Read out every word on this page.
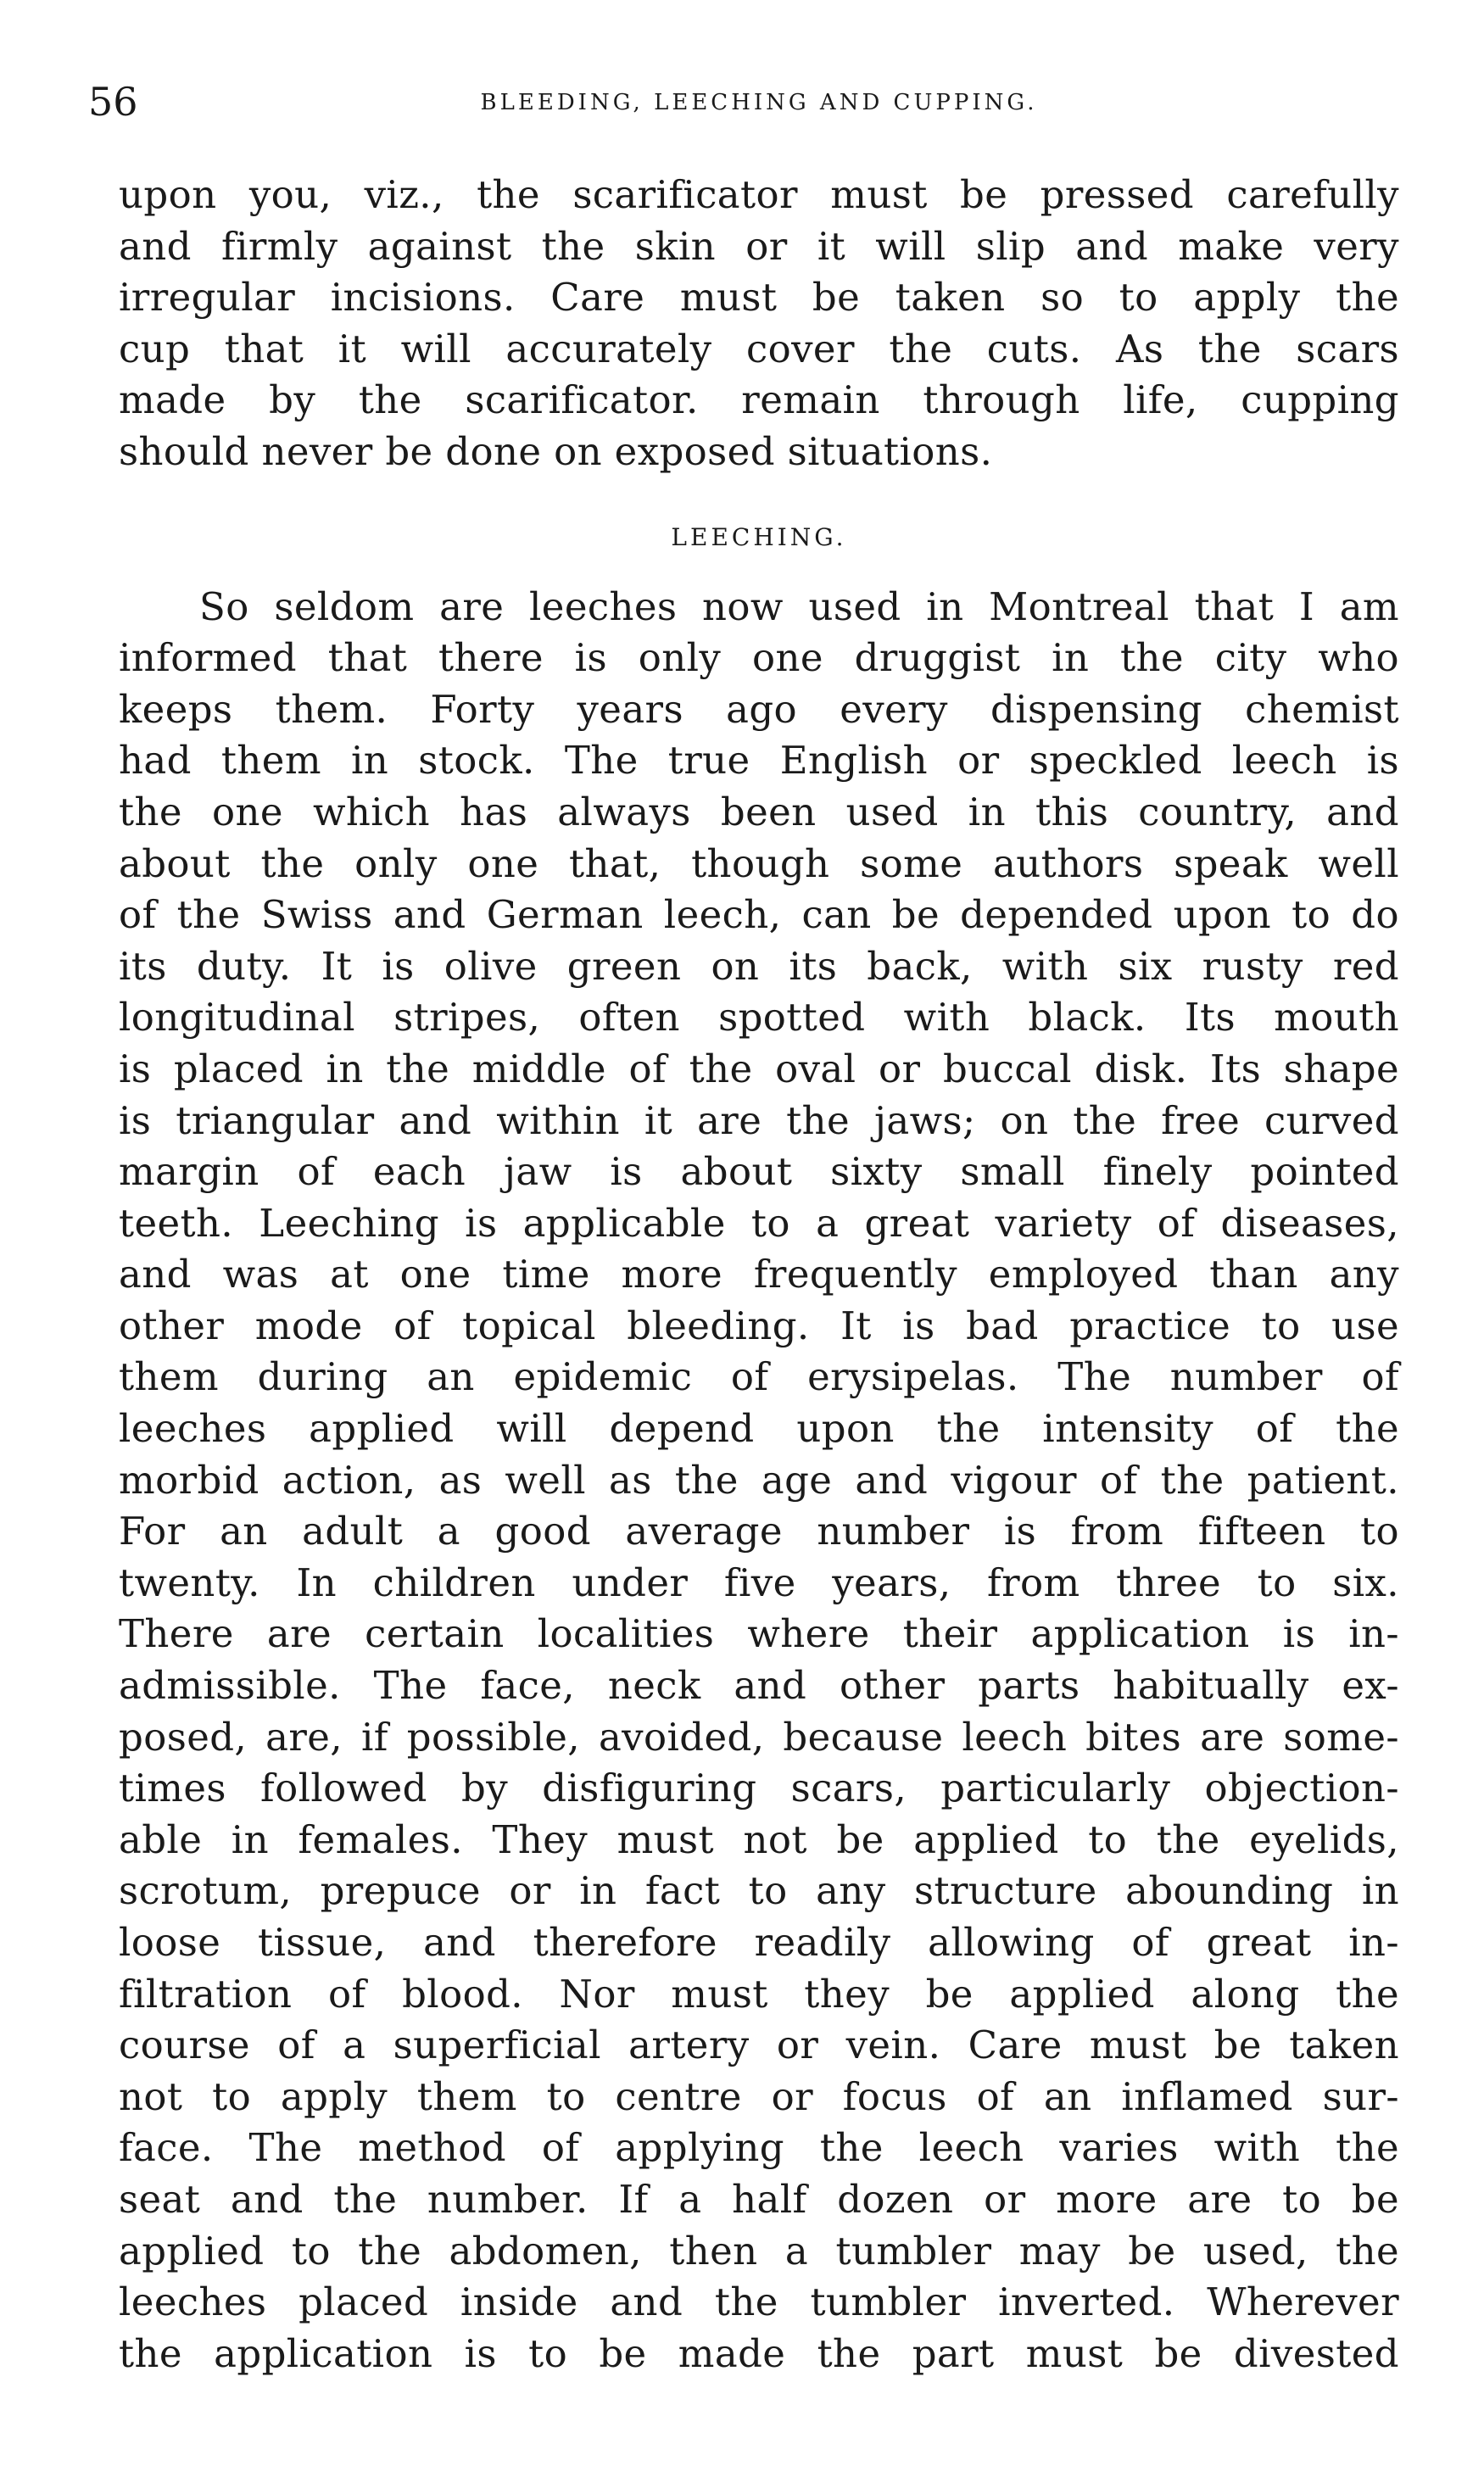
56	BLEEDING, LEECHING AND CUPPING.
upon you, viz., the scarificator must be pressed carefully
and firmly against the skin or it will slip and make very
irregular incisions. Care must be taken so to apply the
cup that it will accurately cover the cuts. As the scars
made by the scarificator. remain through life, cupping
should never be done on exposed situations.
LEECHING.
So seldom are leeches now used in Montreal that I am
informed that there is only one druggist in the city who
keeps them. Forty years ago every dispensing chemist
had them in stock. The true English or speckled leech is
the one which has always been used in this country, and
about the only one that, though some authors speak well
of the Swiss and German leech, can be depended upon to do
its duty. It is olive green on its back, with six rusty red
longitudinal stripes, often spotted with black. Its mouth
is placed in the middle of the oval or buccal disk. Its shape
is triangular and within it are the jaws; on the free curved
margin of each jaw is about sixty small finely pointed
teeth. Leeching is applicable to a great variety of diseases,
and was at one time more frequently employed than any
other mode of topical bleeding. It is bad practice to use
them during an epidemic of erysipelas. The number of
leeches applied will depend upon the intensity of the
morbid action, as well as the age and vigour of the patient.
For an adult a good average number is from fifteen to
twenty. In children under five years, from three to six.
There are certain localities where their application is in-
admissible. The face, neck and other parts habitually ex-
posed, are, if possible, avoided, because leech bites are some-
times followed by disfiguring scars, particularly objection-
able in females. They must not be applied to the eyelids,
scrotum, prepuce or in fact to any structure abounding in
loose tissue, and therefore readily allowing of great in-
filtration of blood. Nor must they be applied along the
course of a superficial artery or vein. Care must be taken
not to apply them to centre or focus of an inflamed sur-
face. The method of applying the leech varies with the
seat and the number. If a half dozen or more are to be
applied to the abdomen, then a tumbler may be used, the
leeches placed inside and the tumbler inverted. Wherever
the application is to be made the part must be divested
